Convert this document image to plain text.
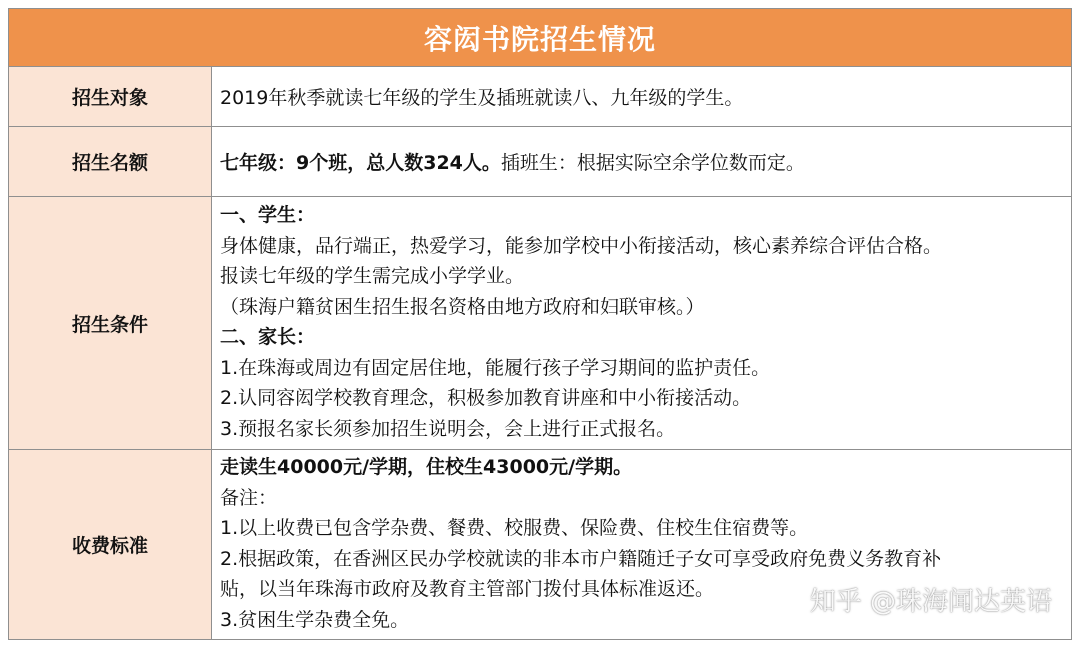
容闳书院招生情况
招生对象	2019年秋季就读七年级的学生及插班就读八、九年级的学生。
招生名额	七年级：9个班，总人数324人。 插班生：根据实际空余学位数而定。
招生条件
一、学生：
身体健康，品行端正，热爱学习，能参加学校中小衔接活动，核心素养综合评估合格。
报读七年级的学生需完成小学学业。
（珠海户籍贫困生招生报名资格由地方政府和妇联审核。）
二、家长：
1.在珠海或周边有固定居住地，能履行孩子学习期间的监护责任。
2.认同容闳学校教育理念，积极参加教育讲座和中小衔接活动。
3.预报名家长须参加招生说明会，会上进行正式报名。
收费标准
走读生40000元/学期，住校生43000元/学期。
备注：
1.以上收费已包含学杂费、餐费、校服费、保险费、住校生住宿费等。
2.根据政策，在香洲区民办学校就读的非本市户籍随迁子女可享受政府免费义务教育补
贴，以当年珠海市政府及教育主管部门拨付具体标准返还。
3.贫困生学杂费全免。
知乎 @珠海闻达英语
